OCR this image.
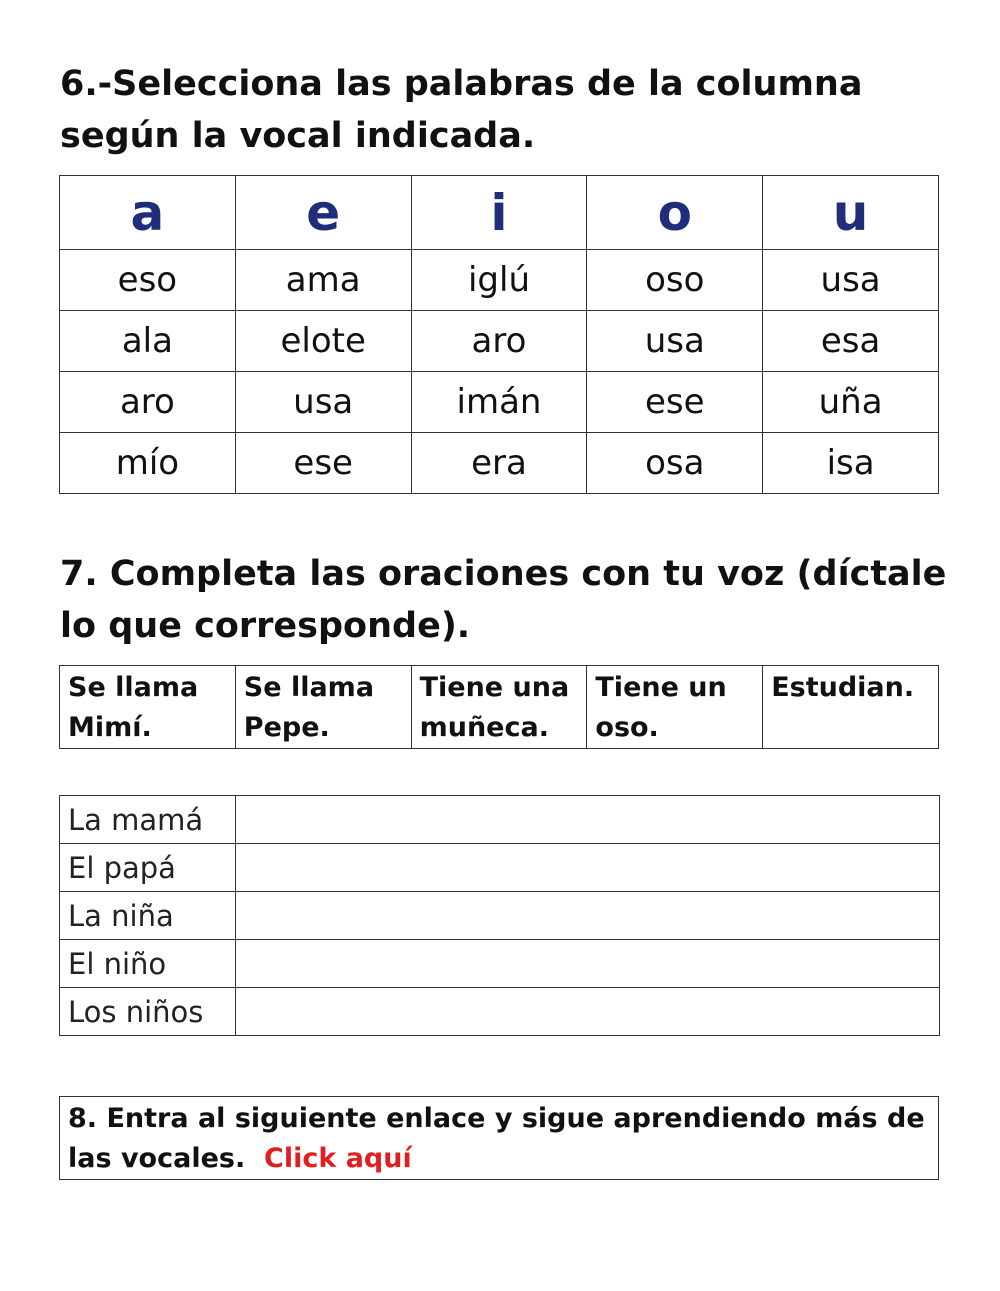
6.-Selecciona las palabras de la columna según la vocal indicada.
a	e	i	o	u
eso	ama	iglú	oso	usa
ala	elote	aro	usa	esa
aro	usa	imán	ese	uña
mío	ese	era	osa	isa
7. Completa las oraciones con tu voz (díctale lo que corresponde).
Se llama Mimí.	Se llama Pepe.	Tiene una muñeca.	Tiene un oso.	Estudian.
La mamá	
El papá	
La niña	
El niño	
Los niños	
8. Entra al siguiente enlace y sigue aprendiendo más de las vocales. Click aquí
